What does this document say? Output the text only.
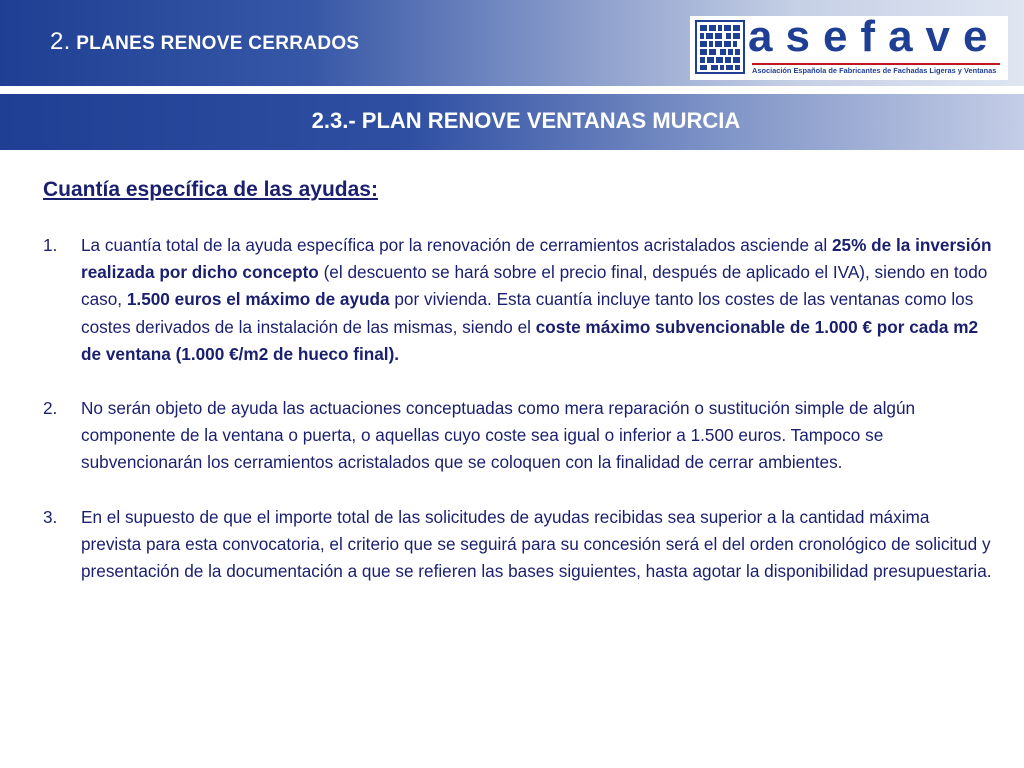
2. PLANES RENOVE CERRADOS	asefave
Asociación Española de Fabricantes de Fachadas Ligeras y Ventanas
2.3.- PLAN RENOVE VENTANAS MURCIA
Cuantía específica de las ayudas:
1. La cuantía total de la ayuda específica por la renovación de cerramientos acristalados asciende al 25% de la inversión realizada por dicho concepto (el descuento se hará sobre el precio final, después de aplicado el IVA), siendo en todo caso, 1.500 euros el máximo de ayuda por vivienda. Esta cuantía incluye tanto los costes de las ventanas como los costes derivados de la instalación de las mismas, siendo el coste máximo subvencionable de 1.000 € por cada m2 de ventana (1.000 €/m2 de hueco final).
2. No serán objeto de ayuda las actuaciones conceptuadas como mera reparación o sustitución simple de algún componente de la ventana o puerta, o aquellas cuyo coste sea igual o inferior a 1.500 euros. Tampoco se subvencionarán los cerramientos acristalados que se coloquen con la finalidad de cerrar ambientes.
3. En el supuesto de que el importe total de las solicitudes de ayudas recibidas sea superior a la cantidad máxima prevista para esta convocatoria, el criterio que se seguirá para su concesión será el del orden cronológico de solicitud y presentación de la documentación a que se refieren las bases siguientes, hasta agotar la disponibilidad presupuestaria.
